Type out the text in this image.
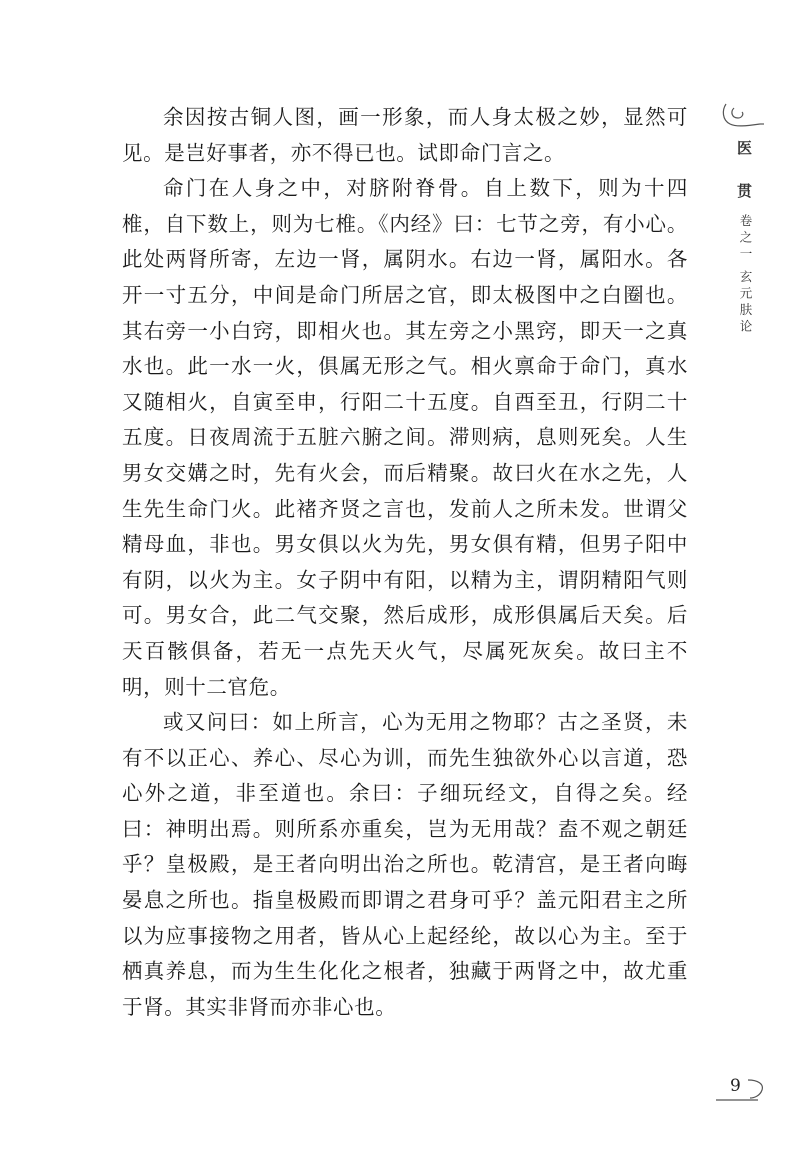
余因按古铜人图，画一形象，而人身太极之妙，显然可见。是岂好事者，亦不得已也。试即命门言之。

命门在人身之中，对脐附脊骨。自上数下，则为十四椎，自下数上，则为七椎。《内经》曰：七节之旁，有小心。此处两肾所寄，左边一肾，属阴水。右边一肾，属阳水。各开一寸五分，中间是命门所居之官，即太极图中之白圈也。其右旁一小白窍，即相火也。其左旁之小黑窍，即天一之真水也。此一水一火，俱属无形之气。相火禀命于命门，真水又随相火，自寅至申，行阳二十五度。自酉至丑，行阴二十五度。日夜周流于五脏六腑之间。滞则病，息则死矣。人生男女交媾之时，先有火会，而后精聚。故曰火在水之先，人生先生命门火。此褚齐贤之言也，发前人之所未发。世谓父精母血，非也。男女俱以火为先，男女俱有精，但男子阳中有阴，以火为主。女子阴中有阳，以精为主，谓阴精阳气则可。男女合，此二气交聚，然后成形，成形俱属后天矣。后天百骸俱备，若无一点先天火气，尽属死灰矣。故曰主不明，则十二官危。

或又问曰：如上所言，心为无用之物耶？古之圣贤，未有不以正心、养心、尽心为训，而先生独欲外心以言道，恐心外之道，非至道也。余曰：子细玩经文，自得之矣。经曰：神明出焉。则所系亦重矣，岂为无用哉？盍不观之朝廷乎？皇极殿，是王者向明出治之所也。乾清宫，是王者向晦晏息之所也。指皇极殿而即谓之君身可乎？盖元阳君主之所以为应事接物之用者，皆从心上起经纶，故以心为主。至于栖真养息，而为生生化化之根者，独藏于两肾之中，故尤重于肾。其实非肾而亦非心也。

医贯
卷之一
玄元肤论
9
